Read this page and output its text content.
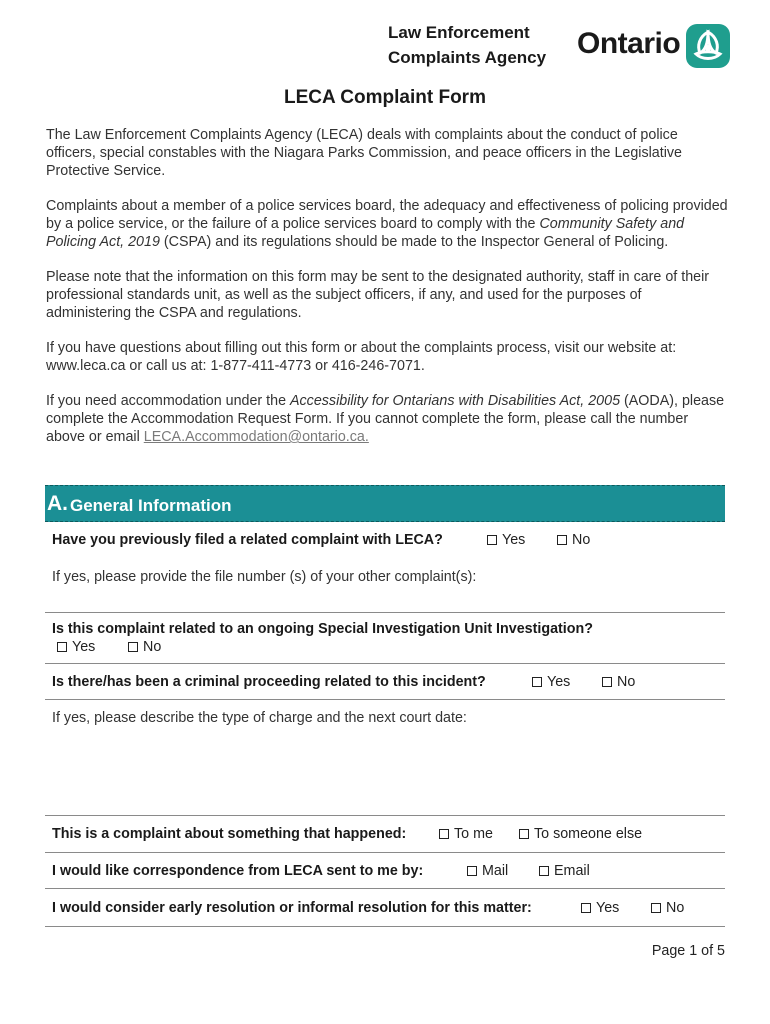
Law Enforcement
Complaints Agency	Ontario
LECA Complaint Form

The Law Enforcement Complaints Agency (LECA) deals with complaints about the conduct of police officers, special constables with the Niagara Parks Commission, and peace officers in the Legislative Protective Service.

Complaints about a member of a police services board, the adequacy and effectiveness of policing provided by a police service, or the failure of a police services board to comply with the Community Safety and Policing Act, 2019 (CSPA) and its regulations should be made to the Inspector General of Policing.

Please note that the information on this form may be sent to the designated authority, staff in care of their professional standards unit, as well as the subject officers, if any, and used for the purposes of administering the CSPA and regulations.

If you have questions about filling out this form or about the complaints process, visit our website at: www.leca.ca or call us at: 1-877-411-4773 or 416-246-7071.

If you need accommodation under the Accessibility for Ontarians with Disabilities Act, 2005 (AODA), please complete the Accommodation Request Form. If you cannot complete the form, please call the number above or email LECA.Accommodation@ontario.ca.

A. General Information
Have you previously filed a related complaint with LECA?	Yes	No
If yes, please provide the file number (s) of your other complaint(s):
Is this complaint related to an ongoing Special Investigation Unit Investigation?
Yes	No
Is there/has been a criminal proceeding related to this incident?	Yes	No
If yes, please describe the type of charge and the next court date:
This is a complaint about something that happened:	To me	To someone else
I would like correspondence from LECA sent to me by:	Mail	Email
I would consider early resolution or informal resolution for this matter:	Yes	No
Page 1 of 5
